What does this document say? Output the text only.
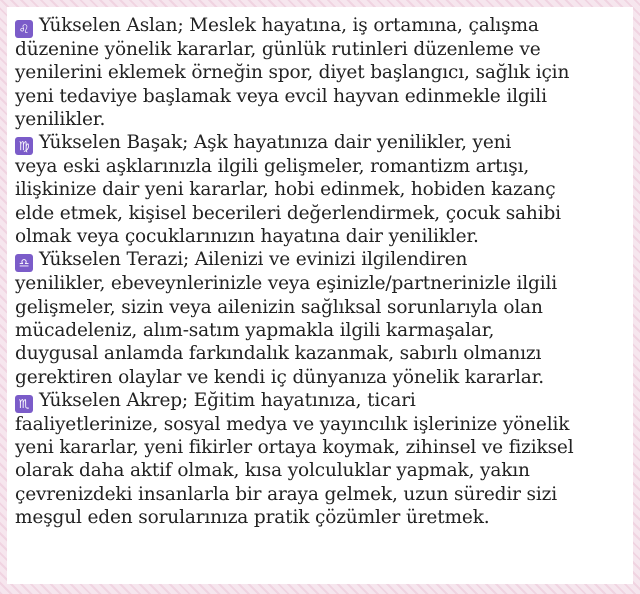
♌ Yükselen Aslan; Meslek hayatına, iş ortamına, çalışma
düzenine yönelik kararlar, günlük rutinleri düzenleme ve
yenilerini eklemek örneğin spor, diyet başlangıcı, sağlık için
yeni tedaviye başlamak veya evcil hayvan edinmekle ilgili
yenilikler.
♍ Yükselen Başak; Aşk hayatınıza dair yenilikler, yeni
veya eski aşklarınızla ilgili gelişmeler, romantizm artışı,
ilişkinize dair yeni kararlar, hobi edinmek, hobiden kazanç
elde etmek, kişisel becerileri değerlendirmek, çocuk sahibi
olmak veya çocuklarınızın hayatına dair yenilikler.
♎ Yükselen Terazi; Ailenizi ve evinizi ilgilendiren
yenilikler, ebeveynlerinizle veya eşinizle/partnerinizle ilgili
gelişmeler, sizin veya ailenizin sağlıksal sorunlarıyla olan
mücadeleniz, alım-satım yapmakla ilgili karmaşalar,
duygusal anlamda farkındalık kazanmak, sabırlı olmanızı
gerektiren olaylar ve kendi iç dünyanıza yönelik kararlar.
♏ Yükselen Akrep; Eğitim hayatınıza, ticari
faaliyetlerinize, sosyal medya ve yayıncılık işlerinize yönelik
yeni kararlar, yeni fikirler ortaya koymak, zihinsel ve fiziksel
olarak daha aktif olmak, kısa yolculuklar yapmak, yakın
çevrenizdeki insanlarla bir araya gelmek, uzun süredir sizi
meşgul eden sorularınıza pratik çözümler üretmek.
